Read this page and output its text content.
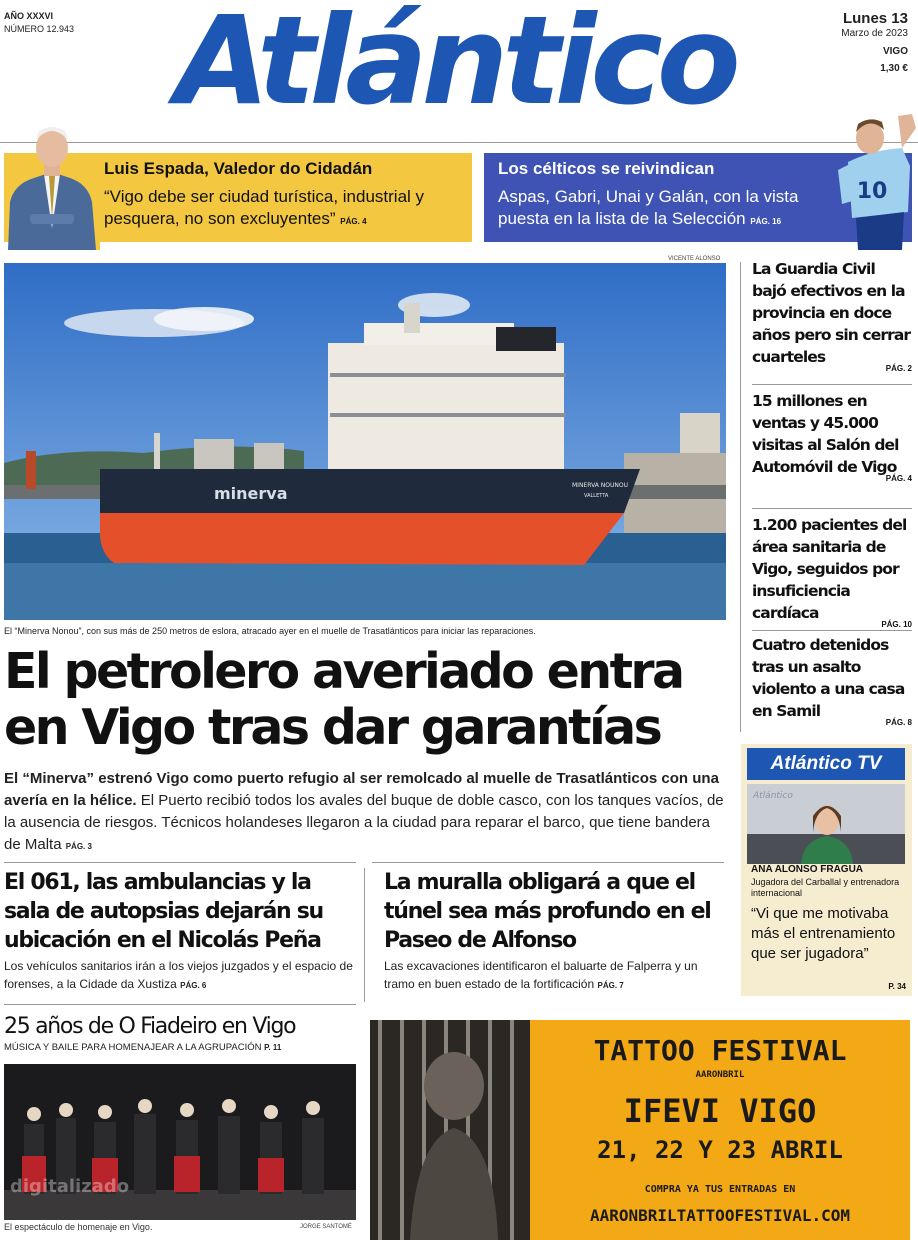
AÑO XXXVI
NÚMERO 12.943 Atlántico	Lunes 13
Marzo de 2023
VIGO
1,30 €
Luis Espada, Valedor do Cidadán
“Vigo debe ser ciudad turística, industrial y pesquera, no son excluyentes” PÁG. 4
Los célticos se reivindican
Aspas, Gabri, Unai y Galán, con la vista puesta en la lista de la Selección PÁG. 16
10
VICENTE ALONSO
minerva	MINERVA NOUNOU
VALLETTA
El “Minerva Nonou”, con sus más de 250 metros de eslora, atracado ayer en el muelle de Trasatlánticos para iniciar las reparaciones.
El petrolero averiado entra
en Vigo tras dar garantías
El “Minerva” estrenó Vigo como puerto refugio al ser remolcado al muelle de Trasatlánticos con una avería en la hélice. El Puerto recibió todos los avales del buque de doble casco, con los tanques vacíos, de la ausencia de riesgos. Técnicos holandeses llegaron a la ciudad para reparar el barco, que tiene bandera de Malta PÁG. 3
La Guardia Civil bajó efectivos en la provincia en doce años pero sin cerrar cuarteles
PÁG. 2
15 millones en ventas y 45.000 visitas al Salón del Automóvil de Vigo
PÁG. 4
1.200 pacientes del área sanitaria de Vigo, seguidos por insuficiencia cardíaca
PÁG. 10
Cuatro detenidos tras un asalto violento a una casa en Samil
PÁG. 8
Atlántico TV
Atlántico
ANA ALONSO FRAGUA
Jugadora del Carballal y entrenadora internacional
“Vi que me motivaba más el entrenamiento que ser jugadora”
P. 34
El 061, las ambulancias y la sala de autopsias dejarán su ubicación en el Nicolás Peña
Los vehículos sanitarios irán a los viejos juzgados y el espacio de forenses, a la Cidade da Xustiza PÁG. 6
La muralla obligará a que el túnel sea más profundo en el Paseo de Alfonso
Las excavaciones identificaron el baluarte de Falperra y un tramo en buen estado de la fortificación PÁG. 7
25 años de O Fiadeiro en Vigo
MÚSICA Y BAILE PARA HOMENAJEAR A LA AGRUPACIÓN P. 11
digitalizado
El espectáculo de homenaje en Vigo.	JORGE SANTOMÉ
TATTOO FESTIVAL
AARONBRIL
IFEVI VIGO
21, 22 Y 23 ABRIL
COMPRA YA TUS ENTRADAS EN
AARONBRILTATTOOFESTIVAL.COM
